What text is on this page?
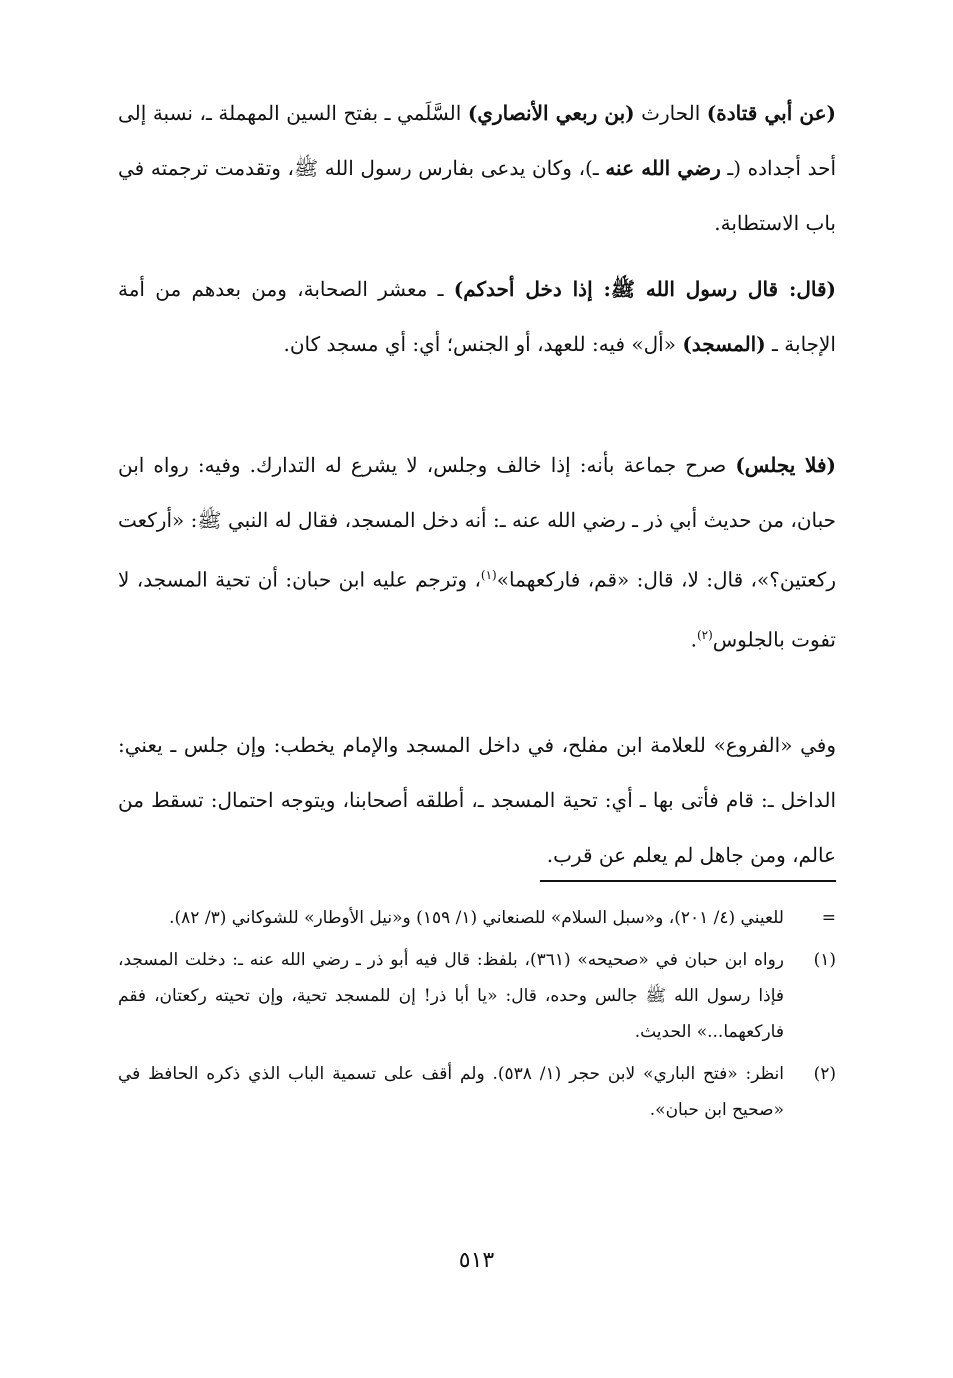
(عن أبي قتادة) الحارث (بن ربعي الأنصاري) السَّلَمي ـ بفتح السين المهملة ـ، نسبة إلى أحد أجداده (ـ رضي الله عنه ـ)، وكان يدعى بفارس رسول الله ﷺ، وتقدمت ترجمته في باب الاستطابة.

(قال: قال رسول الله ﷺ: إذا دخل أحدكم) ـ معشر الصحابة، ومن بعدهم من أمة الإجابة ـ (المسجد) «أل» فيه: للعهد، أو الجنس؛ أي: أي مسجد كان.

(فلا يجلس) صرح جماعة بأنه: إذا خالف وجلس، لا يشرع له التدارك. وفيه: رواه ابن حبان، من حديث أبي ذر ـ رضي الله عنه ـ: أنه دخل المسجد، فقال له النبي ﷺ: «أركعت ركعتين؟»، قال: لا، قال: «قم، فاركعهما»$^{(١)}$، وترجم عليه ابن حبان: أن تحية المسجد، لا تفوت بالجلوس$^{(٢)}$.

وفي «الفروع» للعلامة ابن مفلح، في داخل المسجد والإمام يخطب: وإن جلس ـ يعني: الداخل ـ: قام فأتى بها ـ أي: تحية المسجد ـ، أطلقه أصحابنا، ويتوجه احتمال: تسقط من عالم، ومن جاهل لم يعلم عن قرب.

=
للعيني (٤/ ٢٠١)، و«سبل السلام» للصنعاني (١/ ١٥٩) و«نيل الأوطار» للشوكاني (٣/ ٨٢).
(١)
رواه ابن حبان في «صحيحه» (٣٦١)، بلفظ: قال فيه أبو ذر ـ رضي الله عنه ـ: دخلت المسجد، فإذا رسول الله ﷺ جالس وحده، قال: «يا أبا ذر! إن للمسجد تحية، وإن تحيته ركعتان، فقم فاركعهما...» الحديث.
(٢)
انظر: «فتح الباري» لابن حجر (١/ ٥٣٨). ولم أقف على تسمية الباب الذي ذكره الحافظ في «صحيح ابن حبان».
٥١٣
